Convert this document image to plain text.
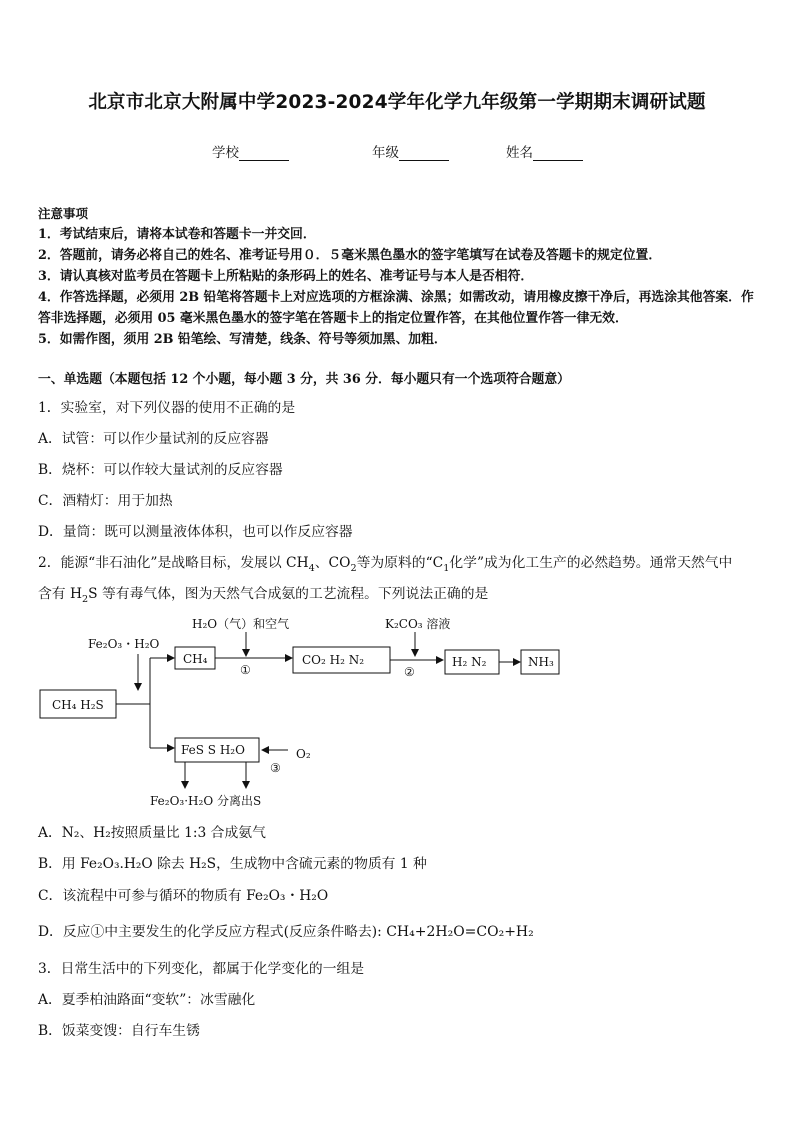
北京市北京大附属中学2023-2024学年化学九年级第一学期期末调研试题
学校	年级	姓名
注意事项

1．考试结束后，请将本试卷和答题卡一并交回．

2．答题前，请务必将自己的姓名、准考证号用０．５毫米黑色墨水的签字笔填写在试卷及答题卡的规定位置．

3．请认真核对监考员在答题卡上所粘贴的条形码上的姓名、准考证号与本人是否相符．

4．作答选择题，必须用 2B 铅笔将答题卡上对应选项的方框涂满、涂黑；如需改动，请用橡皮擦干净后，再选涂其他答案．作答非选择题，必须用 05 毫米黑色墨水的签字笔在答题卡上的指定位置作答，在其他位置作答一律无效．

5．如需作图，须用 2B 铅笔绘、写清楚，线条、符号等须加黑、加粗．

一、单选题（本题包括 12 个小题，每小题 3 分，共 36 分．每小题只有一个选项符合题意）
1．实验室，对下列仪器的使用不正确的是
A．试管：可以作少量试剂的反应容器
B．烧杯：可以作较大量试剂的反应容器
C．酒精灯：用于加热
D．量筒：既可以测量液体体积，也可以作反应容器
2．能源“非石油化”是战略目标，发展以 $CH_4$、$CO_2$等为原料的“$C_1$化学”成为化工生产的必然趋势。通常天然气中
含有 $H_2S$ 等有毒气体，图为天然气合成氨的工艺流程。下列说法正确的是
CH₄ H₂S
Fe₂O₃・H₂O
CH₄
H₂O（气）和空气
①
CO₂ H₂ N₂
K₂CO₃ 溶液
②
H₂ N₂	NH₃
FeS S H₂O	O₂
③
Fe₂O₃·H₂O 分离出S
A．N₂、H₂按照质量比 1:3 合成氨气
B．用 Fe₂O₃.H₂O 除去 H₂S，生成物中含硫元素的物质有 1 种
C．该流程中可参与循环的物质有 Fe₂O₃・H₂O
D．反应①中主要发生的化学反应方程式(反应条件略去): CH₄+2H₂O=CO₂+H₂
3．日常生活中的下列变化，都属于化学变化的一组是
A．夏季柏油路面“变软”：冰雪融化
B．饭菜变馊：自行车生锈
